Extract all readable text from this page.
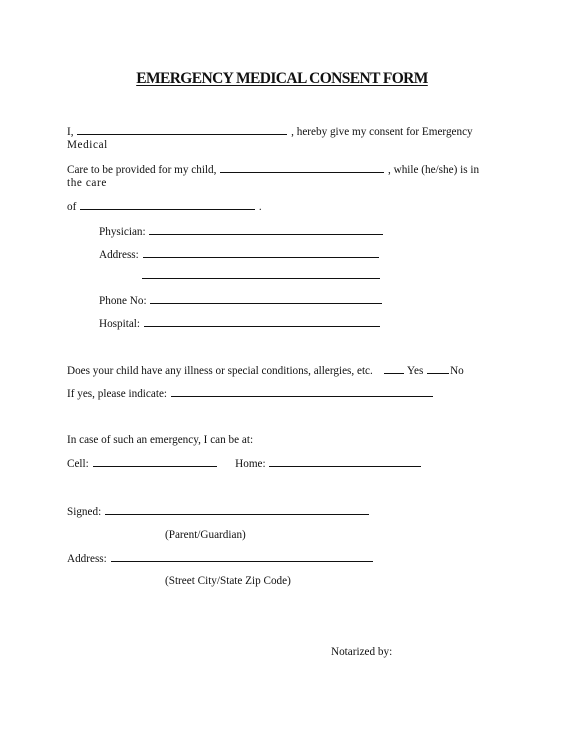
EMERGENCY MEDICAL CONSENT FORM
I,	, hereby give my consent for Emergency
Medical
Care to be provided for my child,	, while (he/she) is in
the care
of	.
Physician:
Address:
Phone No:
Hospital:
Does your child have any illness or special conditions, allergies, etc.	Yes No
If yes, please indicate:
In case of such an emergency, I can be at:
Cell:	Home:
Signed:
(Parent/Guardian)
Address:
(Street City/State Zip Code)
Notarized by:
